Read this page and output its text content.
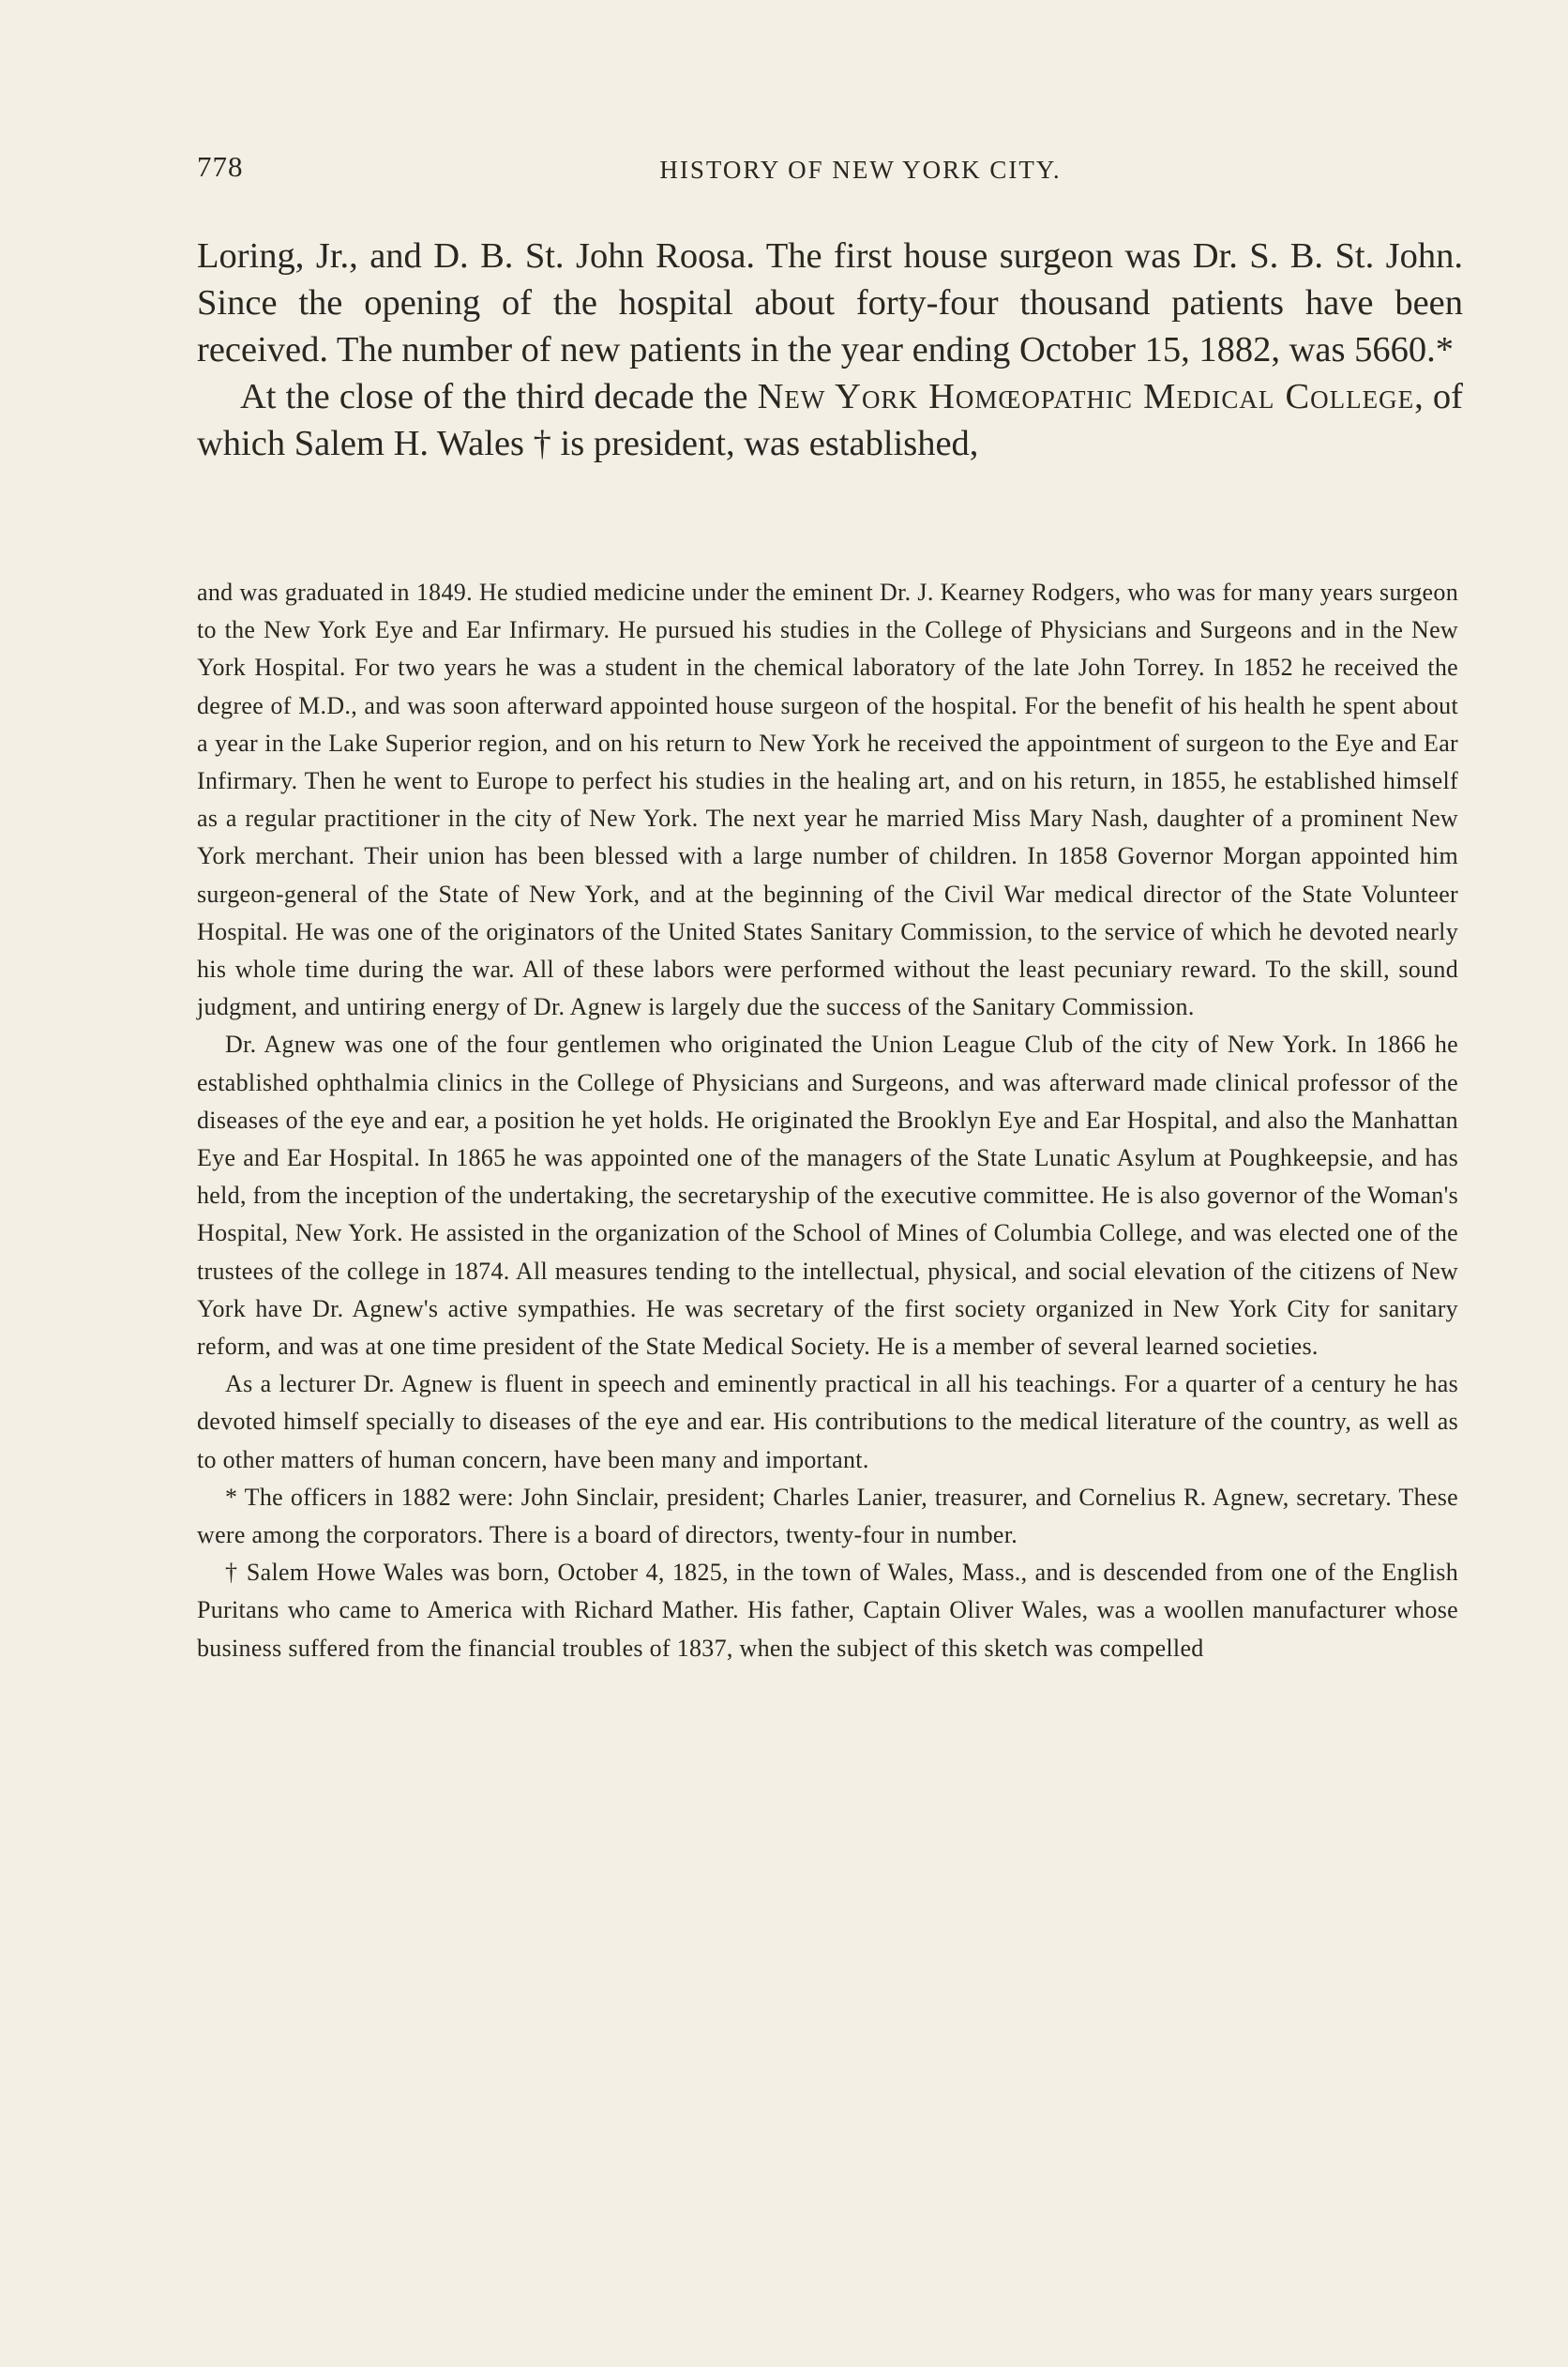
778	HISTORY OF NEW YORK CITY.

Loring, Jr., and D. B. St. John Roosa. The first house surgeon was Dr. S. B. St. John. Since the opening of the hospital about forty-four thousand patients have been received. The number of new patients in the year ending October 15, 1882, was 5660.*

At the close of the third decade the New York Homœopathic Medical College, of which Salem H. Wales † is president, was established,

and was graduated in 1849. He studied medicine under the eminent Dr. J. Kearney Rodgers, who was for many years surgeon to the New York Eye and Ear Infirmary. He pursued his studies in the College of Physicians and Surgeons and in the New York Hospital. For two years he was a student in the chemical laboratory of the late John Torrey. In 1852 he received the degree of M.D., and was soon afterward appointed house surgeon of the hospital. For the benefit of his health he spent about a year in the Lake Superior region, and on his return to New York he received the appointment of surgeon to the Eye and Ear Infirmary. Then he went to Europe to perfect his studies in the healing art, and on his return, in 1855, he established himself as a regular practitioner in the city of New York. The next year he married Miss Mary Nash, daughter of a prominent New York merchant. Their union has been blessed with a large number of children. In 1858 Governor Morgan appointed him surgeon-general of the State of New York, and at the beginning of the Civil War medical director of the State Volunteer Hospital. He was one of the originators of the United States Sanitary Commission, to the service of which he devoted nearly his whole time during the war. All of these labors were performed without the least pecuniary reward. To the skill, sound judgment, and untiring energy of Dr. Agnew is largely due the success of the Sanitary Commission.

Dr. Agnew was one of the four gentlemen who originated the Union League Club of the city of New York. In 1866 he established ophthalmia clinics in the College of Physicians and Surgeons, and was afterward made clinical professor of the diseases of the eye and ear, a position he yet holds. He originated the Brooklyn Eye and Ear Hospital, and also the Manhattan Eye and Ear Hospital. In 1865 he was appointed one of the managers of the State Lunatic Asylum at Poughkeepsie, and has held, from the inception of the undertaking, the secretaryship of the executive committee. He is also governor of the Woman's Hospital, New York. He assisted in the organization of the School of Mines of Columbia College, and was elected one of the trustees of the college in 1874. All measures tending to the intellectual, physical, and social elevation of the citizens of New York have Dr. Agnew's active sympathies. He was secretary of the first society organized in New York City for sanitary reform, and was at one time president of the State Medical Society. He is a member of several learned societies.

As a lecturer Dr. Agnew is fluent in speech and eminently practical in all his teachings. For a quarter of a century he has devoted himself specially to diseases of the eye and ear. His contributions to the medical literature of the country, as well as to other matters of human concern, have been many and important.

* The officers in 1882 were: John Sinclair, president; Charles Lanier, treasurer, and Cornelius R. Agnew, secretary. These were among the corporators. There is a board of directors, twenty-four in number.

† Salem Howe Wales was born, October 4, 1825, in the town of Wales, Mass., and is descended from one of the English Puritans who came to America with Richard Mather. His father, Captain Oliver Wales, was a woollen manufacturer whose business suffered from the financial troubles of 1837, when the subject of this sketch was compelled
